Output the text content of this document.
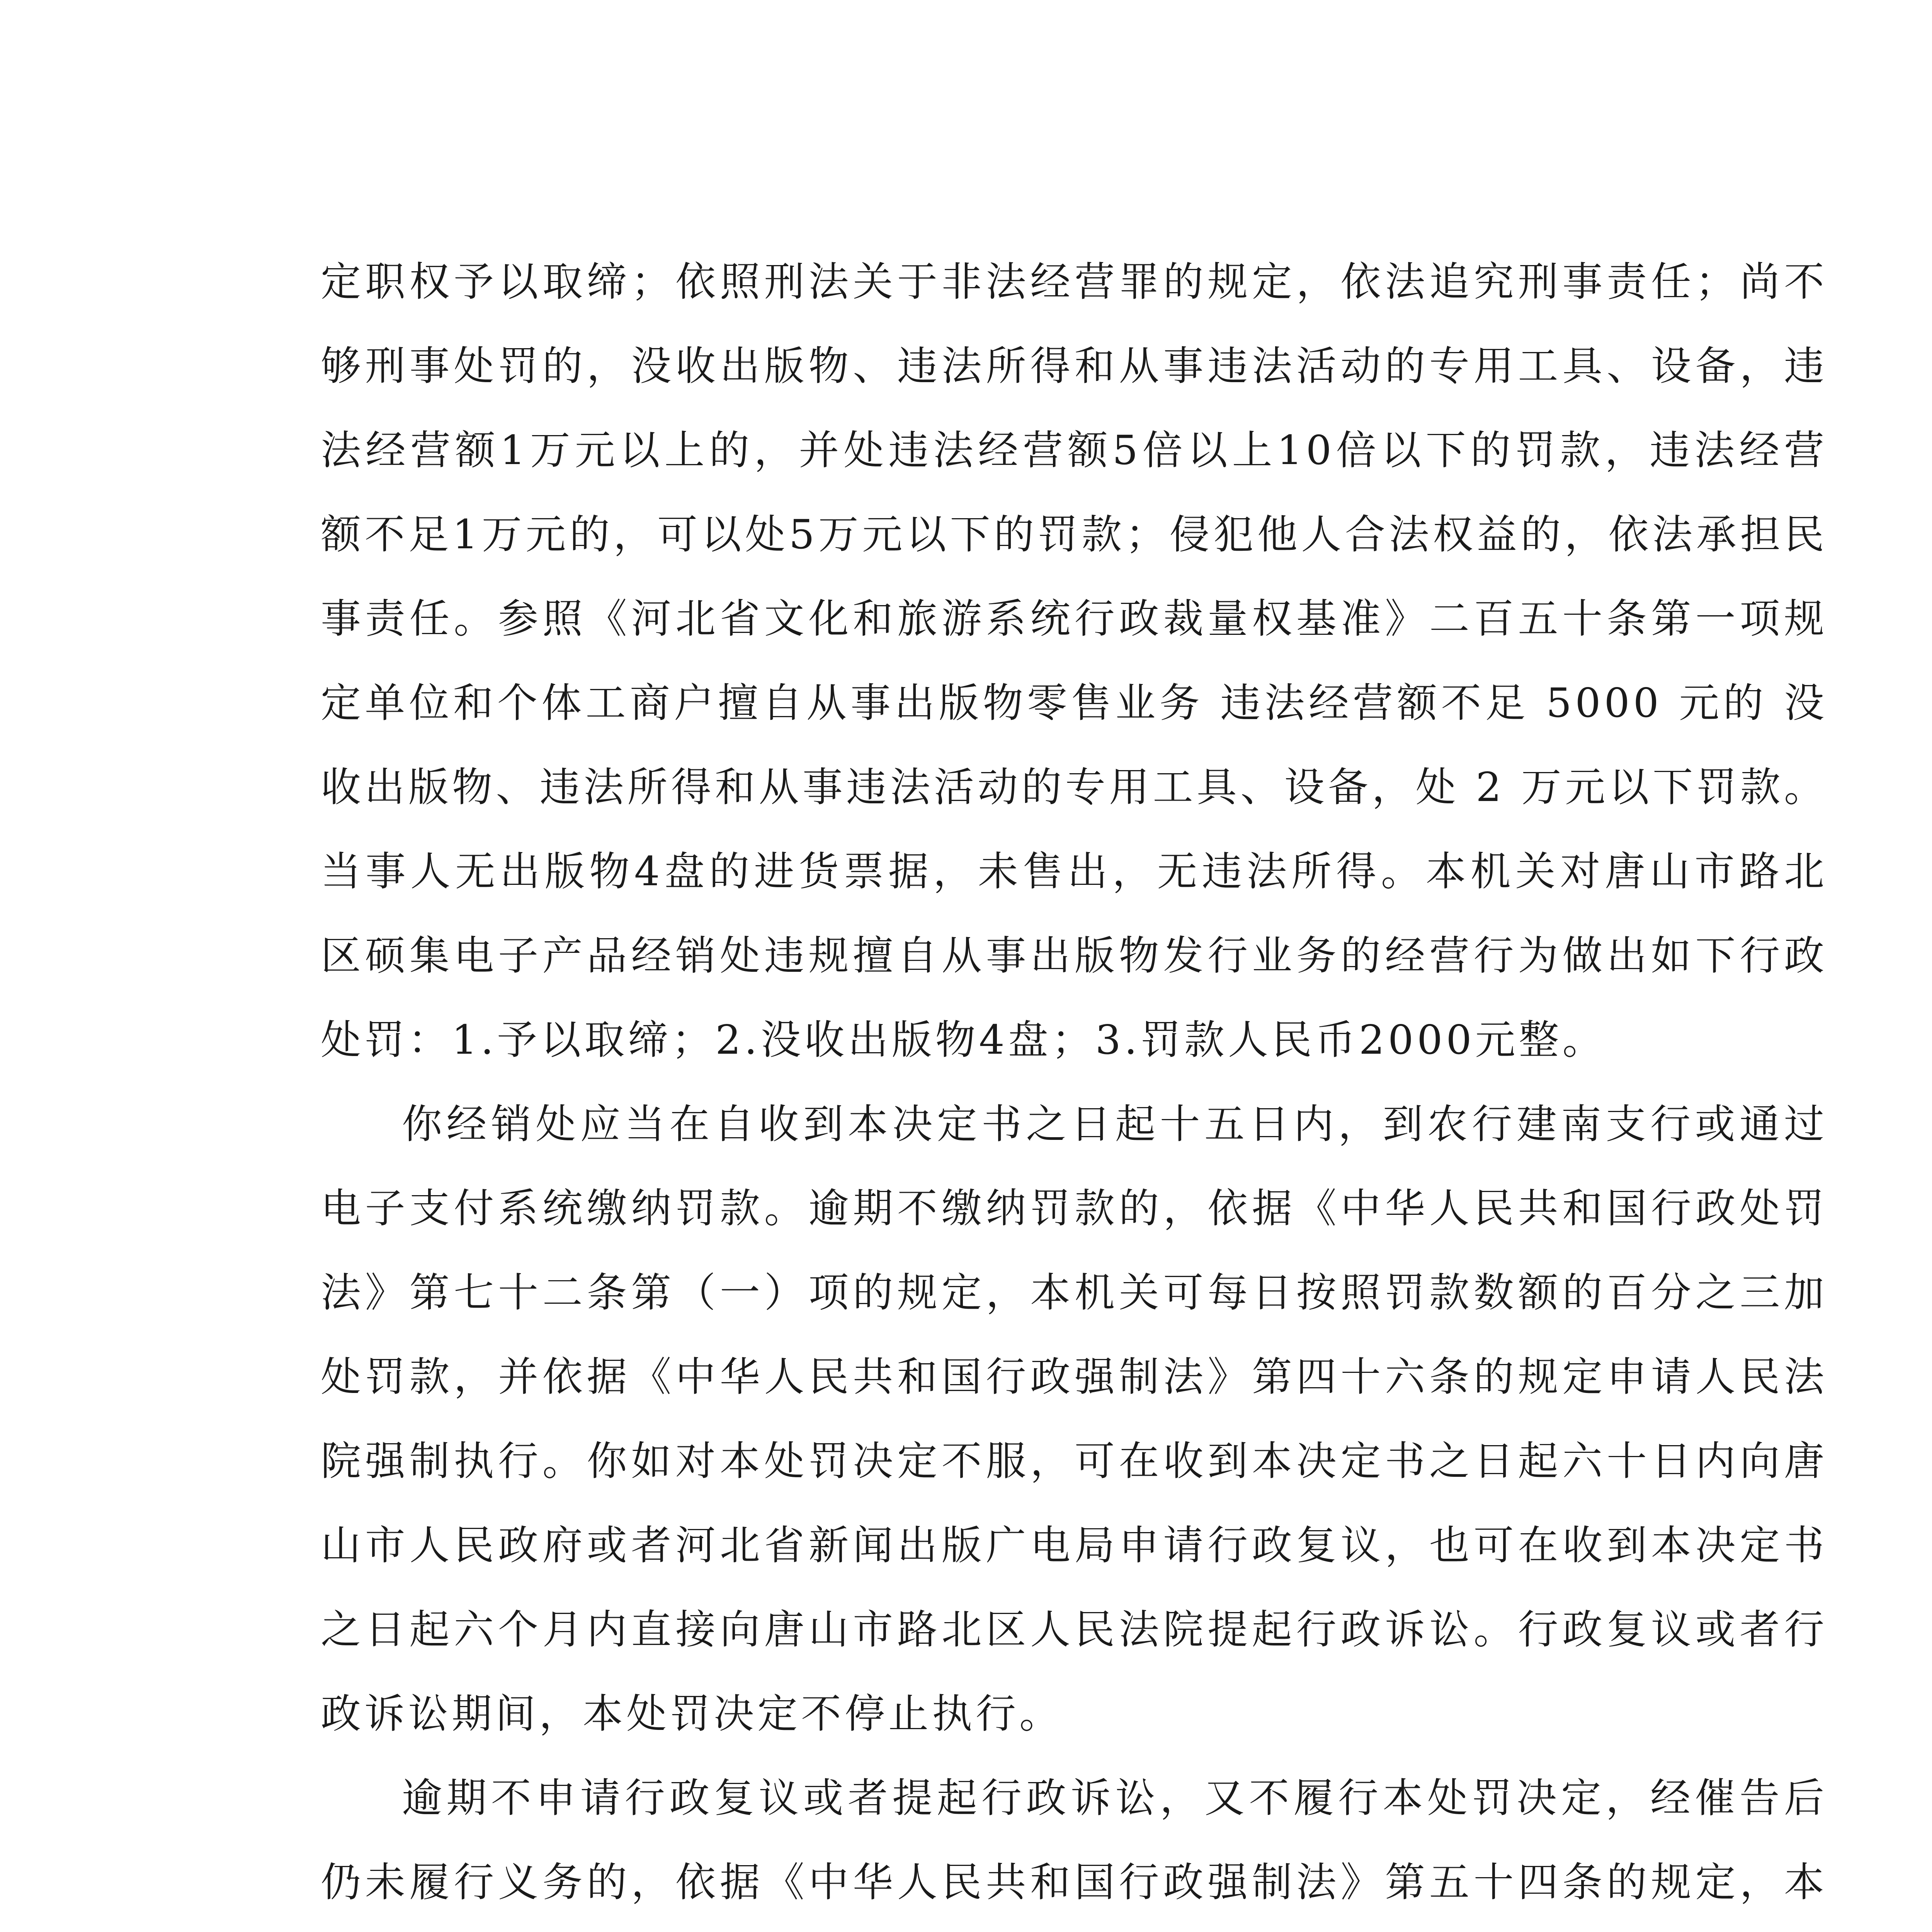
定职权予以取缔；依照刑法关于非法经营罪的规定，依法追究刑事责任；尚不够刑事处罚的，没收出版物、违法所得和从事违法活动的专用工具、设备，违法经营额1万元以上的，并处违法经营额5倍以上10倍以下的罚款，违法经营额不足1万元的，可以处5万元以下的罚款；侵犯他人合法权益的，依法承担民事责任。参照《河北省文化和旅游系统行政裁量权基准》二百五十条第一项规定单位和个体工商户擅自从事出版物零售业务 违法经营额不足 5000 元的 没收出版物、违法所得和从事违法活动的专用工具、设备，处 2 万元以下罚款。当事人无出版物4盘的进货票据，未售出，无违法所得。本机关对唐山市路北区硕集电子产品经销处违规擅自从事出版物发行业务的经营行为做出如下行政处罚：1.予以取缔；2.没收出版物4盘；3.罚款人民币2000元整。

你经销处应当在自收到本决定书之日起十五日内，到农行建南支行或通过电子支付系统缴纳罚款。逾期不缴纳罚款的，依据《中华人民共和国行政处罚法》第七十二条第（一）项的规定，本机关可每日按照罚款数额的百分之三加处罚款，并依据《中华人民共和国行政强制法》第四十六条的规定申请人民法院强制执行。你如对本处罚决定不服，可在收到本决定书之日起六十日内向唐山市人民政府或者河北省新闻出版广电局申请行政复议，也可在收到本决定书之日起六个月内直接向唐山市路北区人民法院提起行政诉讼。行政复议或者行政诉讼期间，本处罚决定不停止执行。

逾期不申请行政复议或者提起行政诉讼，又不履行本处罚决定，经催告后仍未履行义务的，依据《中华人民共和国行政强制法》第五十四条的规定，本
